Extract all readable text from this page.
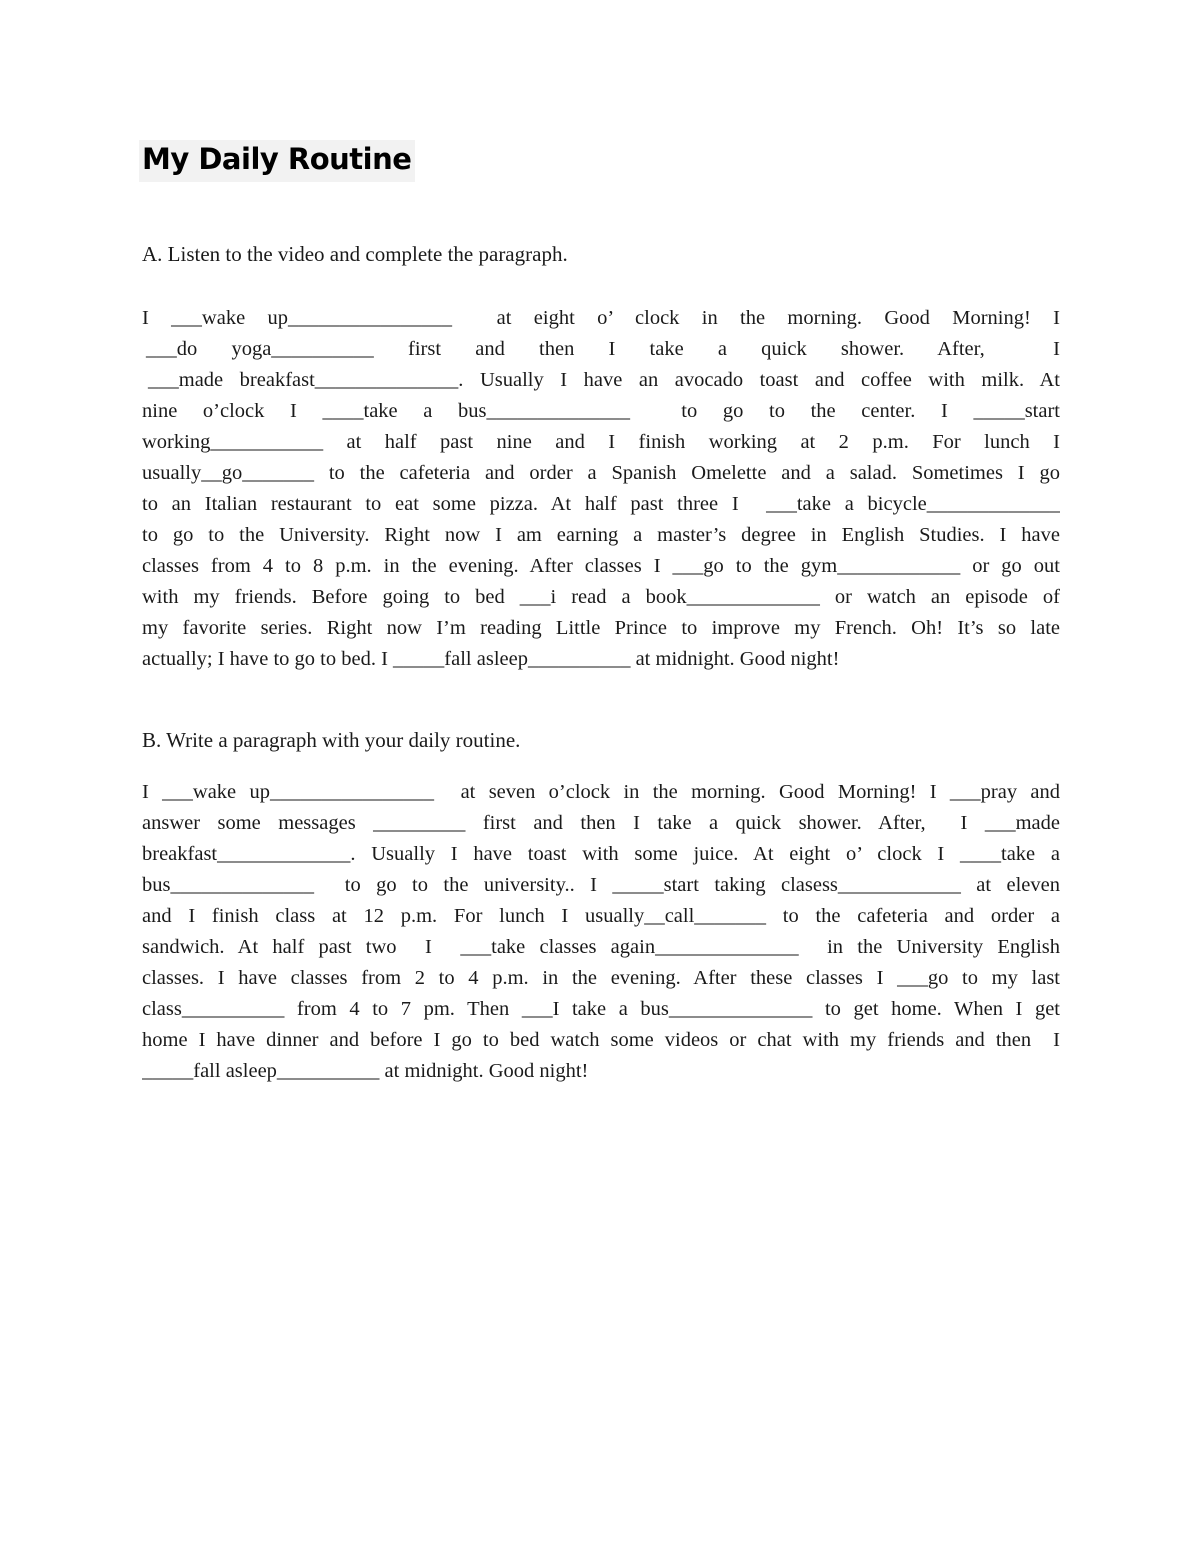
My Daily Routine
A. Listen to the video and complete the paragraph.
I ___wake up________________  at eight o’ clock in the morning. Good Morning! I
___do yoga__________ first and then I take a quick shower. After,  I
___made breakfast______________. Usually I have an avocado toast and coffee with milk. At
nine o’clock I ____take a bus______________  to go to the center. I _____start
working___________ at half past nine and I finish working at 2 p.m. For lunch I
usually__go_______ to the cafeteria and order a Spanish Omelette and a salad. Sometimes I go
to an Italian restaurant to eat some pizza. At half past three I  ___take a bicycle_____________
to go to the University. Right now I am earning a master’s degree in English Studies. I have
classes from 4 to 8 p.m. in the evening. After classes I ___go to the gym____________ or go out
with my friends. Before going to bed ___i read a book_____________ or watch an episode of
my favorite series. Right now I’m reading Little Prince to improve my French. Oh! It’s so late
actually; I have to go to bed. I _____fall asleep__________ at midnight. Good night!
B. Write a paragraph with your daily routine.
I ___wake up________________  at seven o’clock in the morning. Good Morning! I ___pray and
answer some messages _________ first and then I take a quick shower. After,  I ___made
breakfast_____________. Usually I have toast with some juice. At eight o’ clock I ____take a
bus______________  to go to the university.. I _____start taking clasess____________ at eleven
and I finish class at 12 p.m. For lunch I usually__call_______ to the cafeteria and order a
sandwich. At half past two  I  ___take classes again______________  in the University English
classes. I have classes from 2 to 4 p.m. in the evening. After these classes I ___go to my last
class__________ from 4 to 7 pm. Then ___I take a bus______________ to get home. When I get
home I have dinner and before I go to bed watch some videos or chat with my friends and then  I
_____fall asleep__________ at midnight. Good night!
